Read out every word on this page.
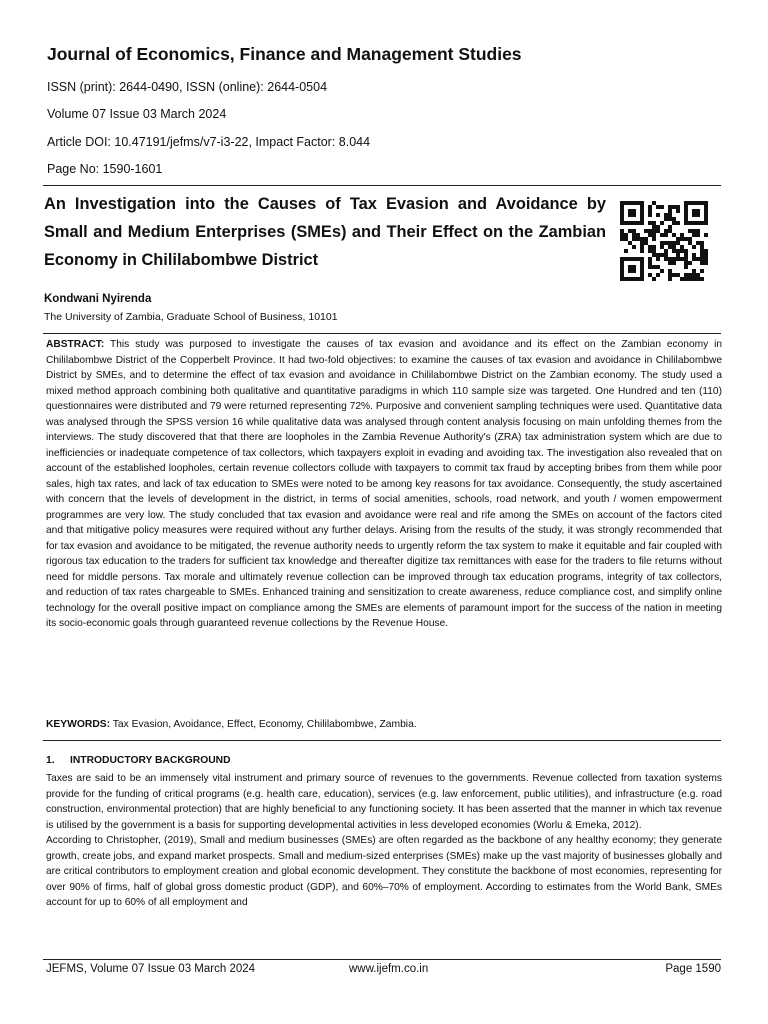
Journal of Economics, Finance and Management Studies
ISSN (print): 2644-0490, ISSN (online): 2644-0504
Volume 07 Issue 03 March 2024
Article DOI: 10.47191/jefms/v7-i3-22, Impact Factor: 8.044
Page No: 1590-1601
An Investigation into the Causes of Tax Evasion and Avoidance by Small and Medium Enterprises (SMEs) and Their Effect on the Zambian Economy in Chililabombwe District
Kondwani Nyirenda
The University of Zambia, Graduate School of Business, 10101

ABSTRACT: This study was purposed to investigate the causes of tax evasion and avoidance and its effect on the Zambian economy in Chililabombwe District of the Copperbelt Province. It had two-fold objectives: to examine the causes of tax evasion and avoidance in Chililabombwe District by SMEs, and to determine the effect of tax evasion and avoidance in Chililabombwe District on the Zambian economy. The study used a mixed method approach combining both qualitative and quantitative paradigms in which 110 sample size was targeted. One Hundred and ten (110) questionnaires were distributed and 79 were returned representing 72%. Purposive and convenient sampling techniques were used. Quantitative data was analysed through the SPSS version 16 while qualitative data was analysed through content analysis focusing on main unfolding themes from the interviews. The study discovered that that there are loopholes in the Zambia Revenue Authority's (ZRA) tax administration system which are due to inefficiencies or inadequate competence of tax collectors, which taxpayers exploit in evading and avoiding tax. The investigation also revealed that on account of the established loopholes, certain revenue collectors collude with taxpayers to commit tax fraud by accepting bribes from them while poor sales, high tax rates, and lack of tax education to SMEs were noted to be among key reasons for tax avoidance. Consequently, the study ascertained with concern that the levels of development in the district, in terms of social amenities, schools, road network, and youth / women empowerment programmes are very low. The study concluded that tax evasion and avoidance were real and rife among the SMEs on account of the factors cited and that mitigative policy measures were required without any further delays. Arising from the results of the study, it was strongly recommended that for tax evasion and avoidance to be mitigated, the revenue authority needs to urgently reform the tax system to make it equitable and fair coupled with rigorous tax education to the traders for sufficient tax knowledge and thereafter digitize tax remittances with ease for the traders to file returns without need for middle persons. Tax morale and ultimately revenue collection can be improved through tax education programs, integrity of tax collectors, and reduction of tax rates chargeable to SMEs. Enhanced training and sensitization to create awareness, reduce compliance cost, and simplify online technology for the overall positive impact on compliance among the SMEs are elements of paramount import for the success of the nation in meeting its socio-economic goals through guaranteed revenue collections by the Revenue House.

KEYWORDS: Tax Evasion, Avoidance, Effect, Economy, Chililabombwe, Zambia.
1. INTRODUCTORY BACKGROUND

Taxes are said to be an immensely vital instrument and primary source of revenues to the governments. Revenue collected from taxation systems provide for the funding of critical programs (e.g. health care, education), services (e.g. law enforcement, public utilities), and infrastructure (e.g. road construction, environmental protection) that are highly beneficial to any functioning society. It has been asserted that the manner in which tax revenue is utilised by the government is a basis for supporting developmental activities in less developed economies (Worlu & Emeka, 2012).

According to Christopher, (2019), Small and medium businesses (SMEs) are often regarded as the backbone of any healthy economy; they generate growth, create jobs, and expand market prospects. Small and medium-sized enterprises (SMEs) make up the vast majority of businesses globally and are critical contributors to employment creation and global economic development. They constitute the backbone of most economies, representing for over 90% of firms, half of global gross domestic product (GDP), and 60%–70% of employment. According to estimates from the World Bank, SMEs account for up to 60% of all employment and

JEFMS, Volume 07 Issue 03 March 2024	www.ijefm.co.in	Page 1590
